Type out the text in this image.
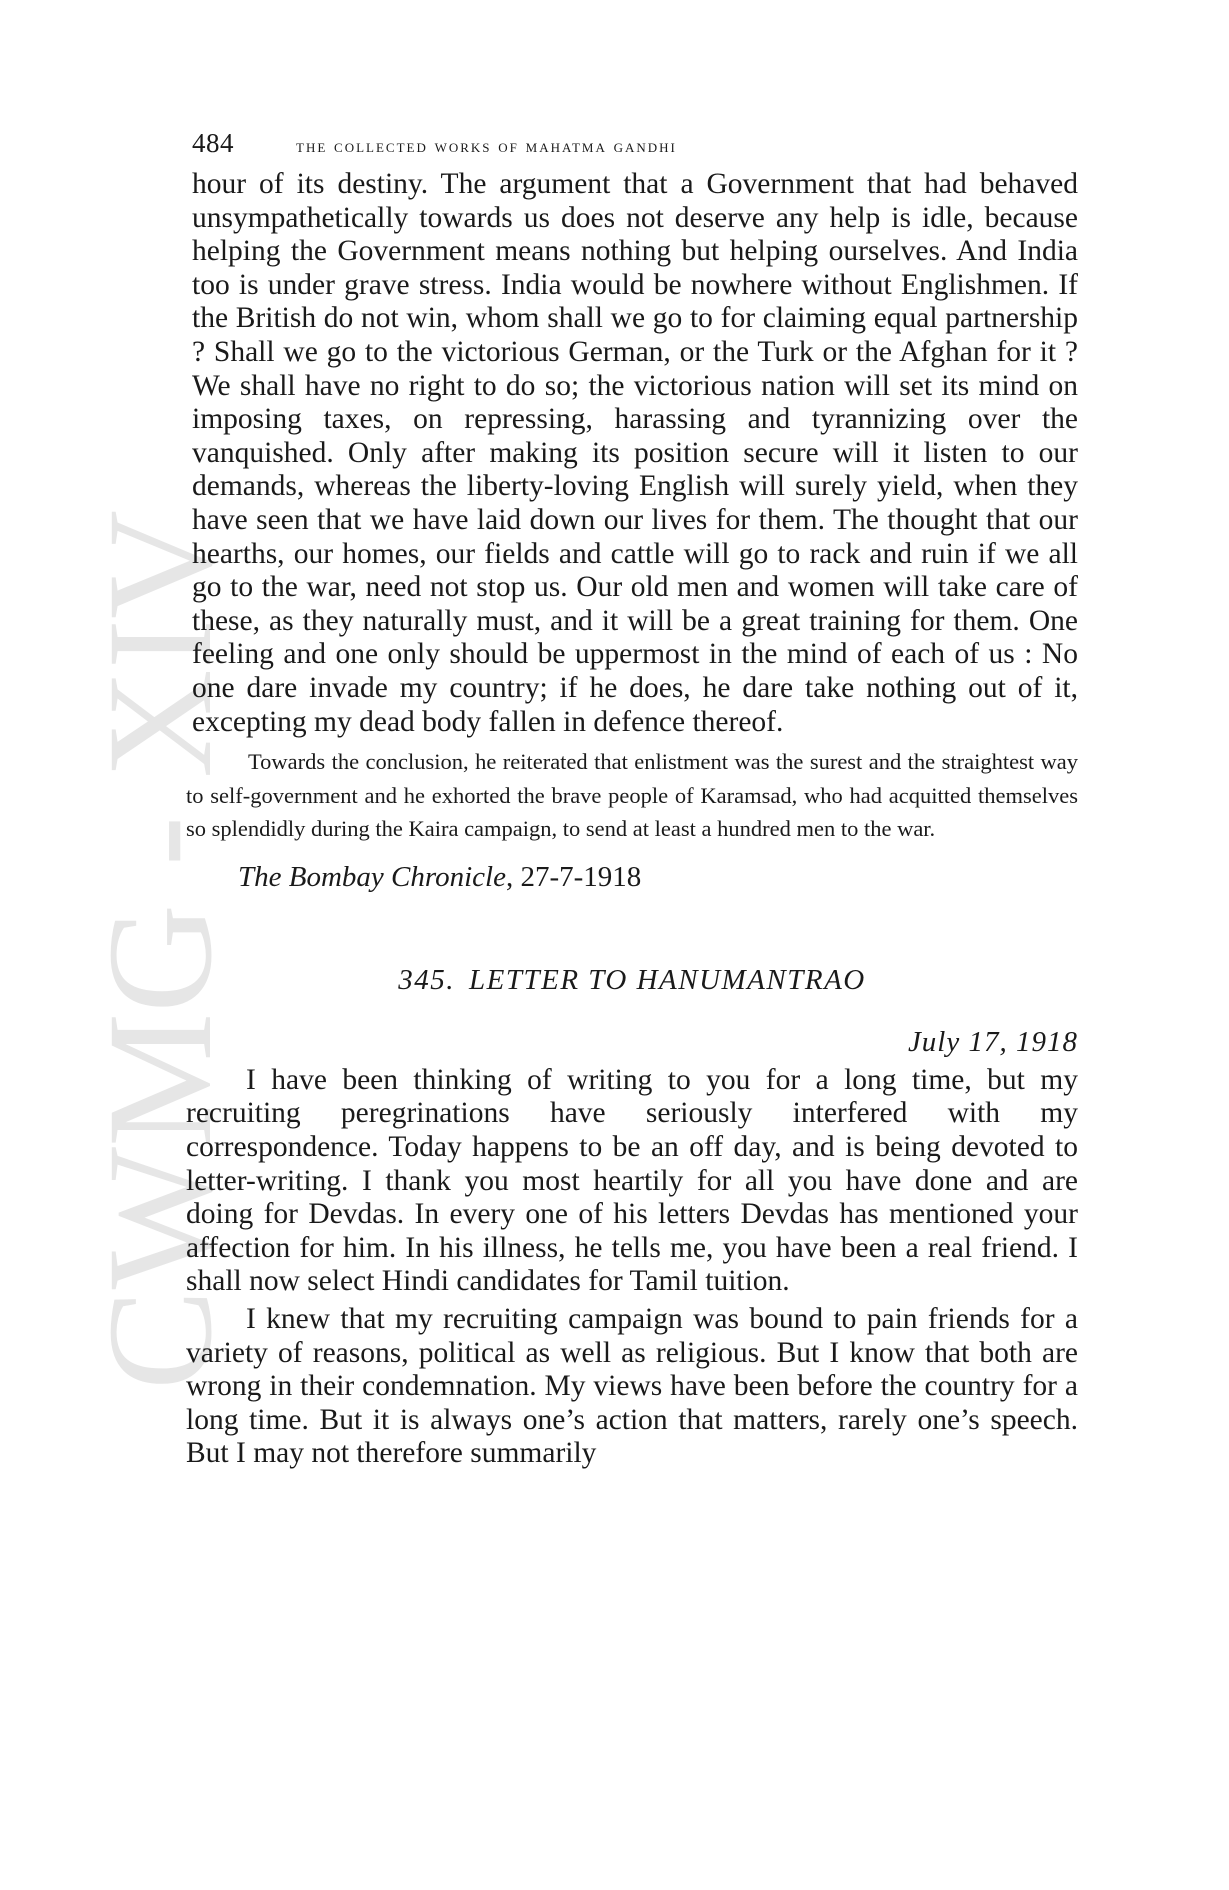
CWMG - XIV
484	the collected works of mahatma gandhi

hour of its destiny. The argument that a Government that had behaved unsympathetically towards us does not deserve any help is idle, because helping the Government means nothing but helping ourselves. And India too is under grave stress. India would be nowhere without Englishmen. If the British do not win, whom shall we go to for claiming equal partnership ? Shall we go to the victorious German, or the Turk or the Afghan for it ? We shall have no right to do so; the victorious nation will set its mind on imposing taxes, on repressing, harassing and tyrannizing over the vanquished. Only after making its position secure will it listen to our demands, whereas the liberty-loving English will surely yield, when they have seen that we have laid down our lives for them. The thought that our hearths, our homes, our fields and cattle will go to rack and ruin if we all go to the war, need not stop us. Our old men and women will take care of these, as they naturally must, and it will be a great training for them. One feeling and one only should be uppermost in the mind of each of us : No one dare invade my country; if he does, he dare take nothing out of it, excepting my dead body fallen in defence thereof.

Towards the conclusion, he reiterated that enlistment was the surest and the straightest way to self-government and he exhorted the brave people of Karamsad, who had acquitted themselves so splendidly during the Kaira campaign, to send at least a hundred men to the war.

The Bombay Chronicle, 27-7-1918
345. LETTER TO HANUMANTRAO
July 17, 1918

I have been thinking of writing to you for a long time, but my recruiting peregrinations have seriously interfered with my correspondence. Today happens to be an off day, and is being devoted to letter-writing. I thank you most heartily for all you have done and are doing for Devdas. In every one of his letters Devdas has mentioned your affection for him. In his illness, he tells me, you have been a real friend. I shall now select Hindi candidates for Tamil tuition.

I knew that my recruiting campaign was bound to pain friends for a variety of reasons, political as well as religious. But I know that both are wrong in their condemnation. My views have been before the country for a long time. But it is always one’s action that matters, rarely one’s speech. But I may not therefore summarily
